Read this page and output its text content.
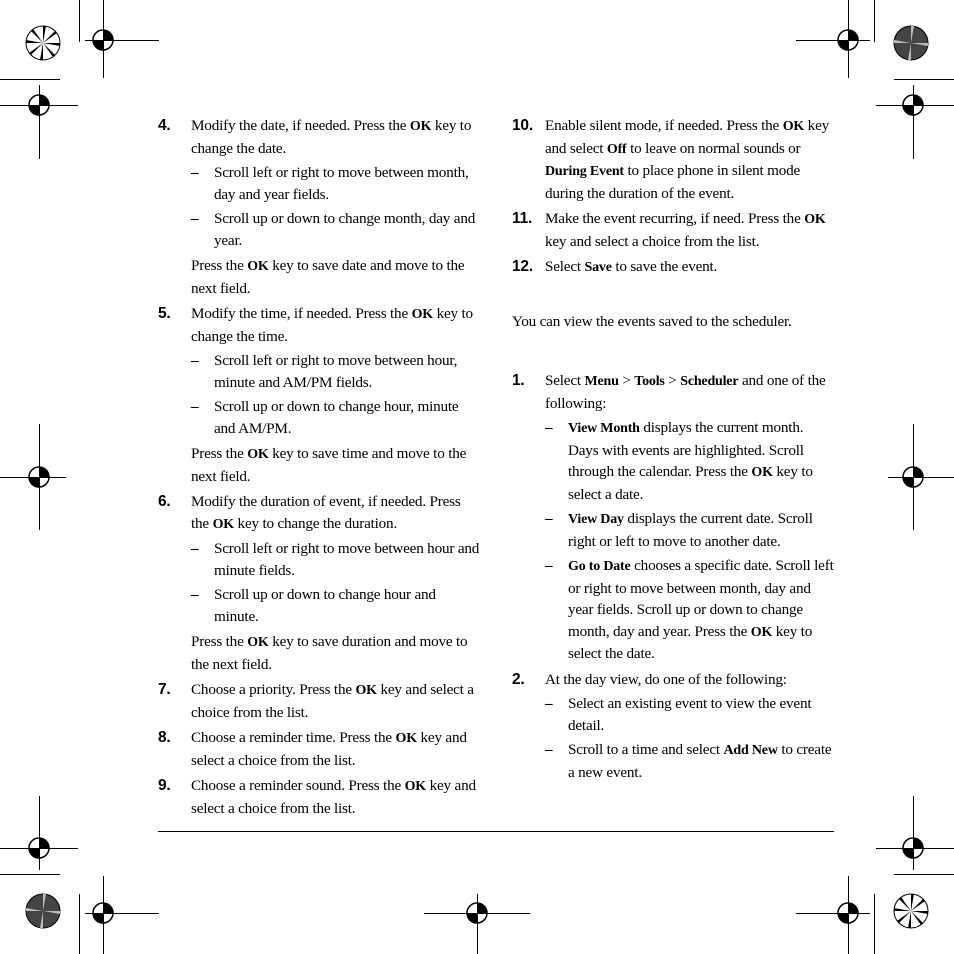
4. Modify the date, if needed. Press the OK key to change the date.
– Scroll left or right to move between month, day and year fields.
– Scroll up or down to change month, day and year.
Press the OK key to save date and move to the next field.
5. Modify the time, if needed. Press the OK key to change the time.
– Scroll left or right to move between hour, minute and AM/PM fields.
– Scroll up or down to change hour, minute and AM/PM.
Press the OK key to save time and move to the next field.
6. Modify the duration of event, if needed. Press the OK key to change the duration.
– Scroll left or right to move between hour and minute fields.
– Scroll up or down to change hour and minute.
Press the OK key to save duration and move to the next field.
7. Choose a priority. Press the OK key and select a choice from the list.
8. Choose a reminder time. Press the OK key and select a choice from the list.
9. Choose a reminder sound. Press the OK key and select a choice from the list.
10. Enable silent mode, if needed. Press the OK key and select Off to leave on normal sounds or During Event to place phone in silent mode during the duration of the event.
11. Make the event recurring, if need. Press the OK key and select a choice from the list.
12. Select Save to save the event.
You can view the events saved to the scheduler.
1. Select Menu > Tools > Scheduler and one of the following:
– View Month displays the current month. Days with events are highlighted. Scroll through the calendar. Press the OK key to select a date.
– View Day displays the current date. Scroll right or left to move to another date.
– Go to Date chooses a specific date. Scroll left or right to move between month, day and year fields. Scroll up or down to change month, day and year. Press the OK key to select the date.
2. At the day view, do one of the following:
– Select an existing event to view the event detail.
– Scroll to a time and select Add New to create a new event.
